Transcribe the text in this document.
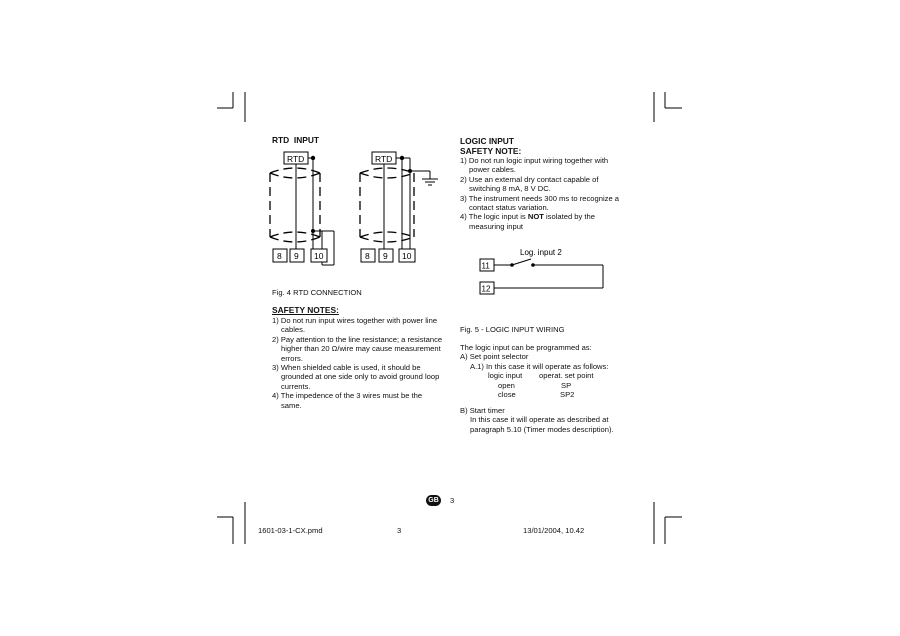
RTD INPUT
RTD	RTD
8 9 10	8 9 10
Fig. 4 RTD CONNECTION
SAFETY NOTES:
1) Do not run input wires together with power line
cables.
2) Pay attention to the line resistance; a resistance
higher than 20 Ω/wire may cause measurement
errors.
3) When shielded cable is used, it should be
grounded at one side only to avoid ground loop
currents.
4) The impedence of the 3 wires must be the
same.
LOGIC INPUT
SAFETY NOTE:
1) Do not run logic input wiring together with
power cables.
2) Use an external dry contact capable of
switching 8 mA, 8 V DC.
3) The instrument needs 300 ms to recognize a
contact status variation.
4) The logic input is NOT isolated by the
measuring input
Log. input 2
11
12
Fig. 5 - LOGIC INPUT WIRING
The logic input can be programmed as:
A) Set point selector
A.1) In this case it will operate as follows:
logic input operat. set point
open	SP
close	SP2
B) Start timer
In this case it will operate as described at
paragraph 5.10 (Timer modes description).
GB 3
1601-03-1-CX.pmd	3	13/01/2004, 10.42
